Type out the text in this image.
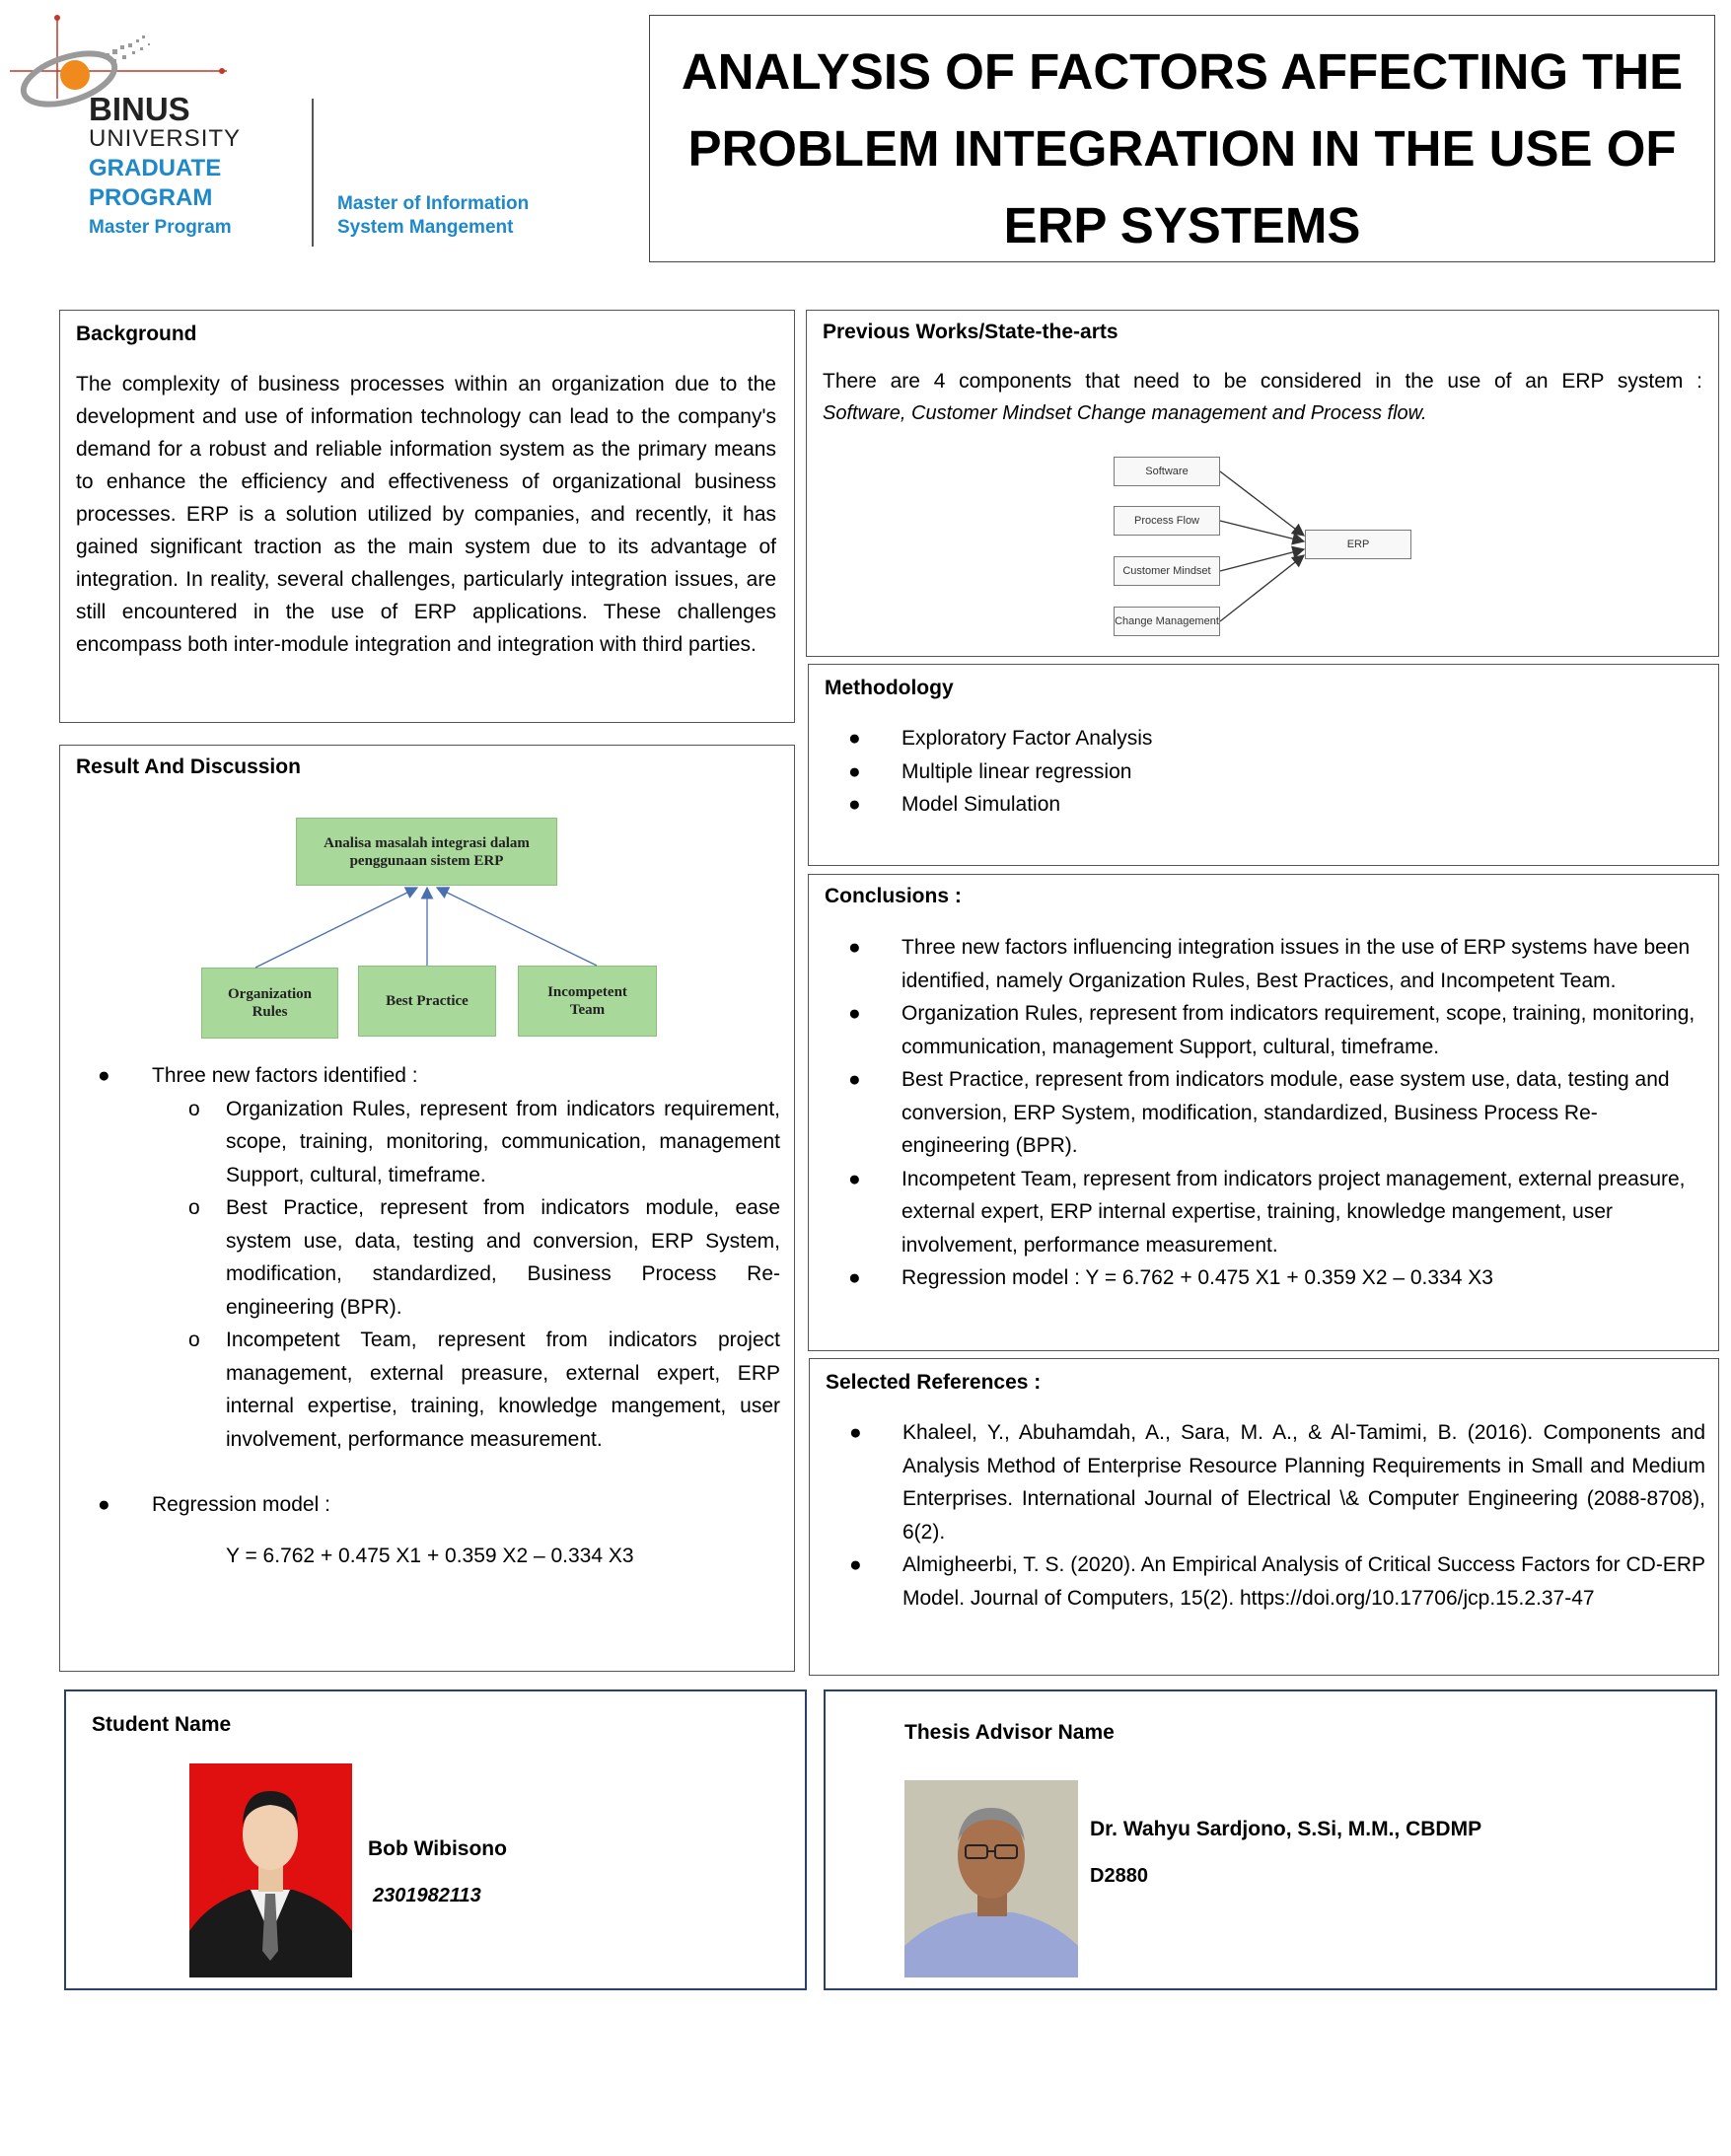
BINUS
UNIVERSITY
GRADUATE
PROGRAM
Master Program
Master of Information
System Mangement
ANALYSIS OF FACTORS AFFECTING THE
PROBLEM INTEGRATION IN THE USE OF
ERP SYSTEMS
Background

The complexity of business processes within an organization due to the development and use of information technology can lead to the company's demand for a robust and reliable information system as the primary means to enhance the efficiency and effectiveness of organizational business processes. ERP is a solution utilized by companies, and recently, it has gained significant traction as the main system due to its advantage of integration. In reality, several challenges, particularly integration issues, are still encountered in the use of ERP applications. These challenges encompass both inter-module integration and integration with third parties.

Previous Works/State-the-arts
There are 4 components that need to be considered in the use of an ERP system :
Software, Customer Mindset Change management and Process flow.
Software
Process Flow
Customer Mindset
Change Management
ERP
Methodology
● Exploratory Factor Analysis
● Multiple linear regression
● Model Simulation
Result And Discussion
Analisa masalah integrasi dalam penggunaan sistem ERP
Organization Rules
Best Practice
Incompetent Team
● Three new factors identified :
o Organization Rules, represent from indicators requirement, scope, training, monitoring, communication, management Support, cultural, timeframe.
o Best Practice, represent from indicators module, ease system use, data, testing and conversion, ERP System, modification, standardized, Business Process Re-engineering (BPR).
o Incompetent Team, represent from indicators project management, external preasure, external expert, ERP internal expertise, training, knowledge mangement, user involvement, performance measurement.
● Regression model :
Y = 6.762 + 0.475 X1 + 0.359 X2 – 0.334 X3
Conclusions :
● Three new factors influencing integration issues in the use of ERP systems have been identified, namely Organization Rules, Best Practices, and Incompetent Team.
● Organization Rules, represent from indicators requirement, scope, training, monitoring, communication, management Support, cultural, timeframe.
● Best Practice, represent from indicators module, ease system use, data, testing and conversion, ERP System, modification, standardized, Business Process Re-engineering (BPR).
● Incompetent Team, represent from indicators project management, external preasure, external expert, ERP internal expertise, training, knowledge mangement, user involvement, performance measurement.
● Regression model : Y = 6.762 + 0.475 X1 + 0.359 X2 – 0.334 X3
Selected References :
● Khaleel, Y., Abuhamdah, A., Sara, M. A., & Al-Tamimi, B. (2016). Components and Analysis Method of Enterprise Resource Planning Requirements in Small and Medium Enterprises. International Journal of Electrical \& Computer Engineering (2088-8708), 6(2).
● Almigheerbi, T. S. (2020). An Empirical Analysis of Critical Success Factors for CD-ERP Model. Journal of Computers, 15(2). https://doi.org/10.17706/jcp.15.2.37-47
Student Name
Bob Wibisono
2301982113
Thesis Advisor Name
Dr. Wahyu Sardjono, S.Si, M.M., CBDMP
D2880
